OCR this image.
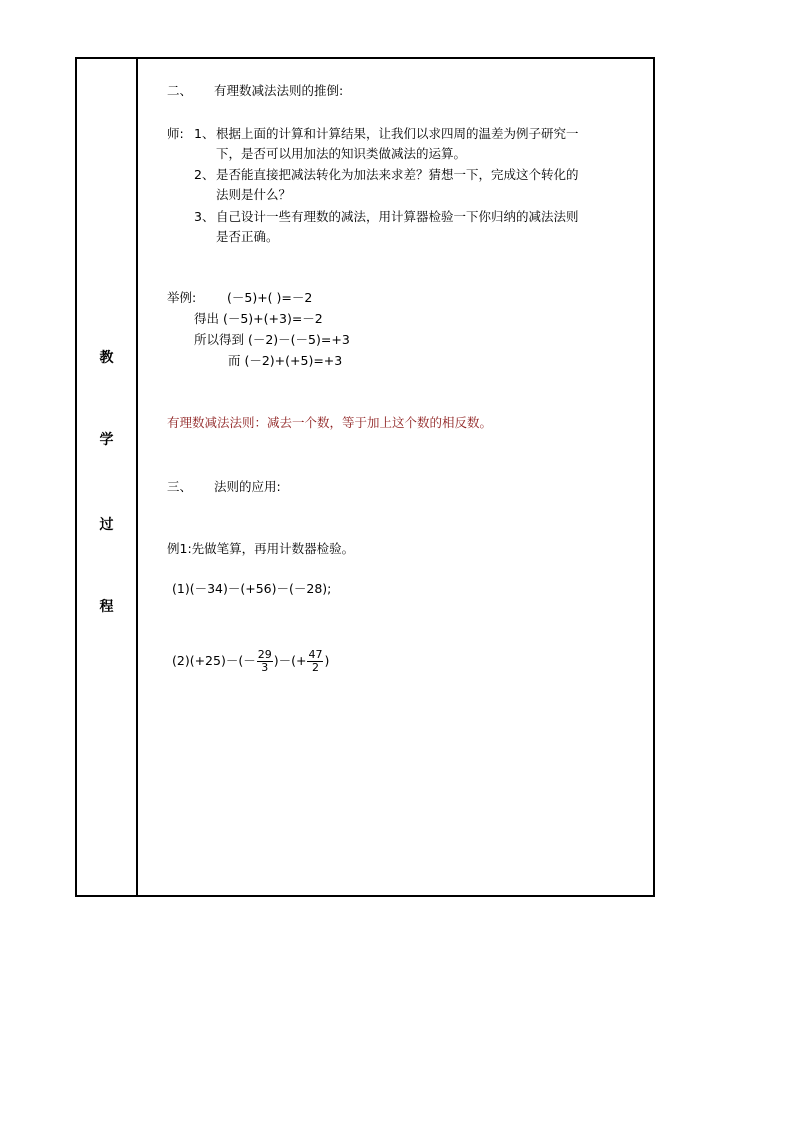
教
学
过
程
二、 有理数减法法则的推倒:
师: 1、 根据上面的计算和计算结果，让我们以求四周的温差为例子研究一
下，是否可以用加法的知识类做减法的运算。
2、 是否能直接把减法转化为加法来求差？猜想一下，完成这个转化的
法则是什么？
3、 自己设计一些有理数的减法，用计算器检验一下你归纳的减法法则
是否正确。
举例: (－5)+( )=－2
得出 (－5)+(+3)=－2
所以得到 (－2)－(－5)=+3
而 (－2)+(+5)=+3
有理数减法法则：减去一个数，等于加上这个数的相反数。
三、 法则的应用:
例1:先做笔算，再用计数器检验。
(1)(－34)－(+56)－(－28);
$(2)(+25)-(- \frac{29}{3}$ )－(+ $\frac{47}{2}$ )
